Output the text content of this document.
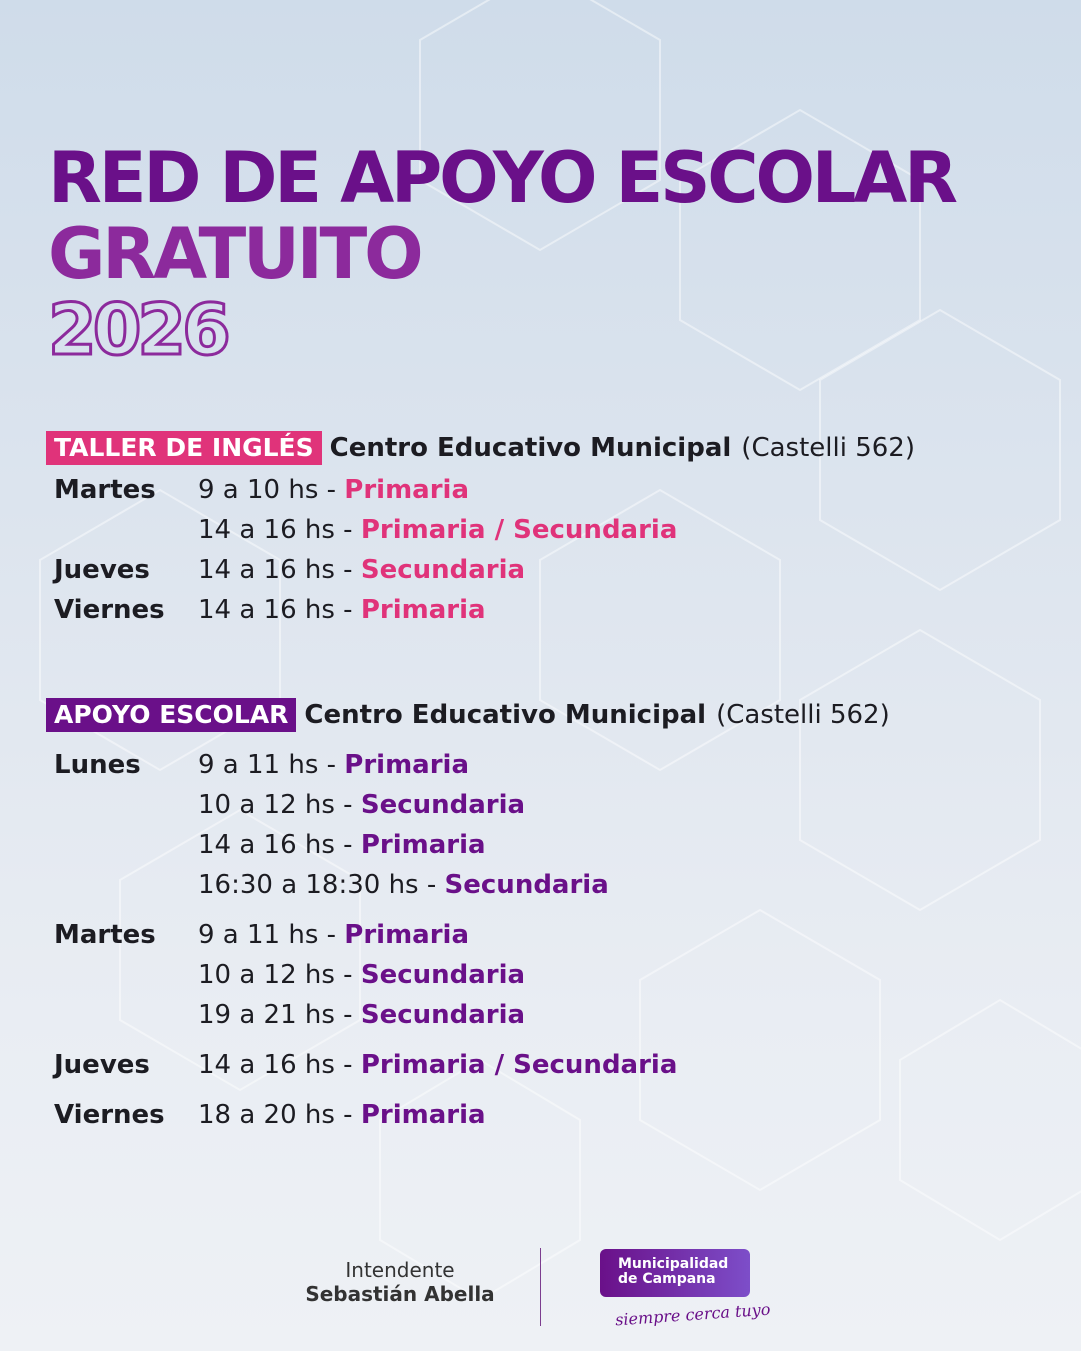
RED DE APOYO ESCOLAR
GRATUITO
2026
TALLER DE INGLÉS Centro Educativo Municipal (Castelli 562)
Martes 9 a 10 hs - Primaria
14 a 16 hs - Primaria / Secundaria
Jueves 14 a 16 hs - Secundaria
Viernes 14 a 16 hs - Primaria
APOYO ESCOLAR Centro Educativo Municipal (Castelli 562)
Lunes 9 a 11 hs - Primaria
10 a 12 hs - Secundaria
14 a 16 hs - Primaria
16:30 a 18:30 hs - Secundaria
Martes 9 a 11 hs - Primaria
10 a 12 hs - Secundaria
19 a 21 hs - Secundaria
Jueves 14 a 16 hs - Primaria / Secundaria
Viernes 18 a 20 hs - Primaria
Intendente
Sebastián Abella
Municipalidad
de Campana
siempre cerca tuyo
